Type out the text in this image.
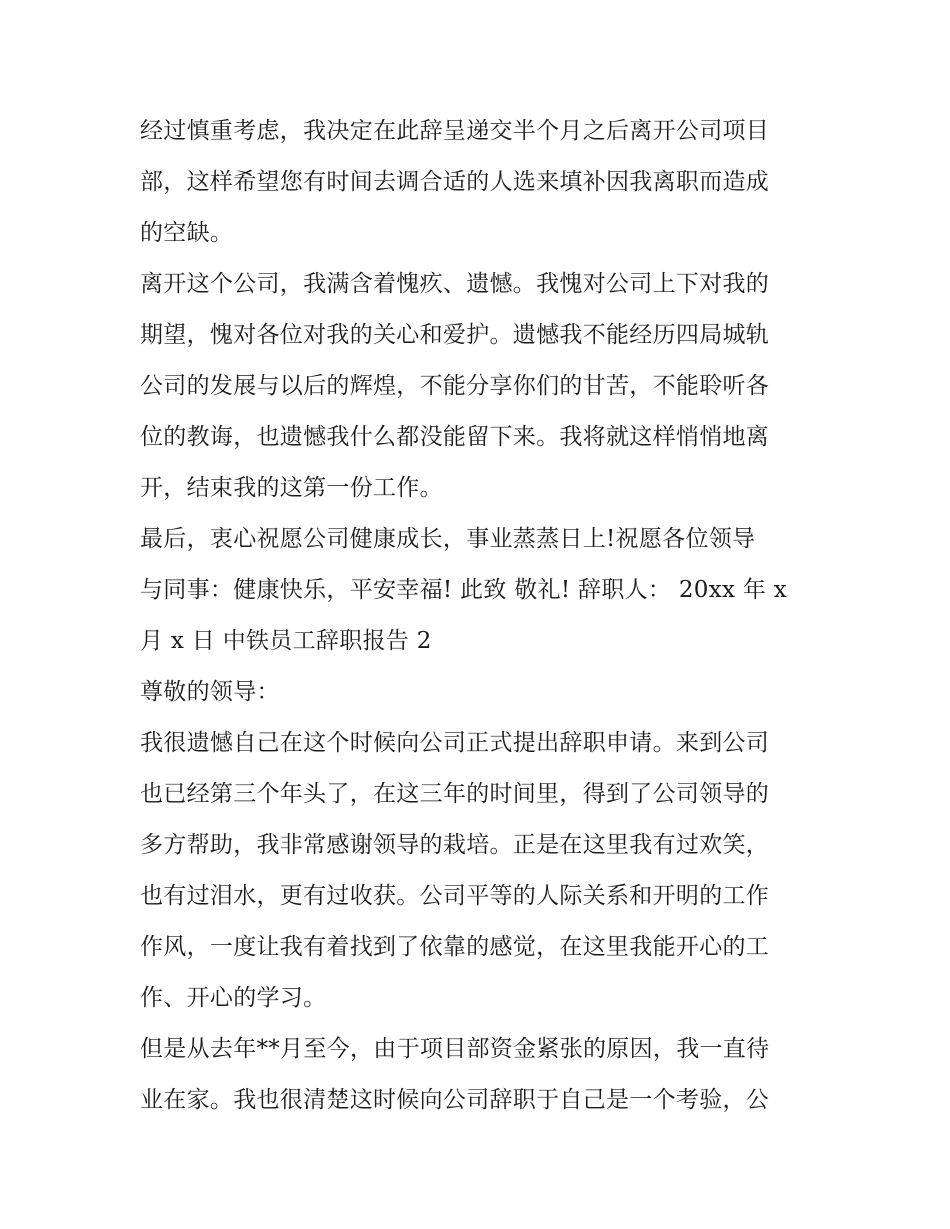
经过慎重考虑，我决定在此辞呈递交半个月之后离开公司项目
部，这样希望您有时间去调合适的人选来填补因我离职而造成
的空缺。
离开这个公司，我满含着愧疚、遗憾。我愧对公司上下对我的
期望，愧对各位对我的关心和爱护。遗憾我不能经历四局城轨
公司的发展与以后的辉煌，不能分享你们的甘苦，不能聆听各
位的教诲，也遗憾我什么都没能留下来。我将就这样悄悄地离
开，结束我的这第一份工作。
最后，衷心祝愿公司健康成长，事业蒸蒸日上!祝愿各位领导
与同事：健康快乐，平安幸福! 此致 敬礼! 辞职人： 20xx 年 x
月 x 日 中铁员工辞职报告 2
尊敬的领导：
我很遗憾自己在这个时候向公司正式提出辞职申请。来到公司
也已经第三个年头了，在这三年的时间里，得到了公司领导的
多方帮助，我非常感谢领导的栽培。正是在这里我有过欢笑，
也有过泪水，更有过收获。公司平等的人际关系和开明的工作
作风，一度让我有着找到了依靠的感觉，在这里我能开心的工
作、开心的学习。
但是从去年**月至今，由于项目部资金紧张的原因，我一直待
业在家。我也很清楚这时候向公司辞职于自己是一个考验，公
